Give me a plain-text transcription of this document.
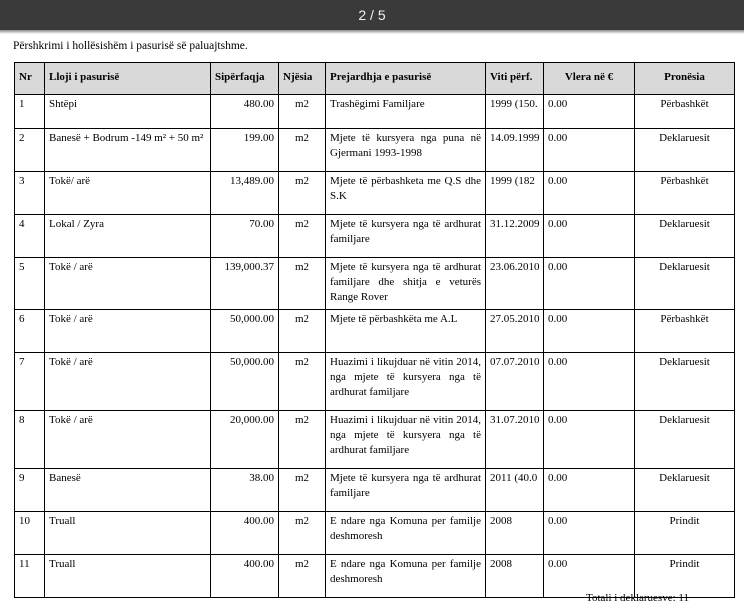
2 / 5
Përshkrimi i hollësishëm i pasurisë së paluajtshme.
Nr	Lloji i pasurisë	Sipërfaqja	Njësia	Prejardhja e pasurisë	Viti përf.	Vlera në €	Pronësia
1	Shtëpi	480.00	m2	Trashëgimi Familjare	1999 (150.	0.00	Përbashkët
2	Banesë + Bodrum -149 m² + 50 m²	199.00	m2	Mjete të kursyera nga puna në Gjermani 1993-1998	14.09.1999	0.00	Deklaruesit
3	Tokë/ arë	13,489.00	m2	Mjete të përbashketa me Q.S dhe S.K	1999 (182	0.00	Përbashkët
4	Lokal / Zyra	70.00	m2	Mjete të kursyera nga të ardhurat familjare	31.12.2009	0.00	Deklaruesit
5	Tokë / arë	139,000.37	m2	Mjete të kursyera nga të ardhurat familjare dhe shitja e veturës Range Rover	23.06.2010	0.00	Deklaruesit
6	Tokë / arë	50,000.00	m2	Mjete të përbashkëta me A.L	27.05.2010	0.00	Përbashkët
7	Tokë / arë	50,000.00	m2	Huazimi i likujduar në vitin 2014, nga mjete të kursyera nga të ardhurat familjare	07.07.2010	0.00	Deklaruesit
8	Tokë / arë	20,000.00	m2	Huazimi i likujduar në vitin 2014, nga mjete të kursyera nga të ardhurat familjare	31.07.2010	0.00	Deklaruesit
9	Banesë	38.00	m2	Mjete të kursyera nga të ardhurat familjare	2011 (40.0	0.00	Deklaruesit
10	Truall	400.00	m2	E ndare nga Komuna per familje deshmoresh	2008	0.00	Prindit
11	Truall	400.00	m2	E ndare nga Komuna per familje deshmoresh	2008	0.00	Prindit
Totali i deklaruesve: 11
